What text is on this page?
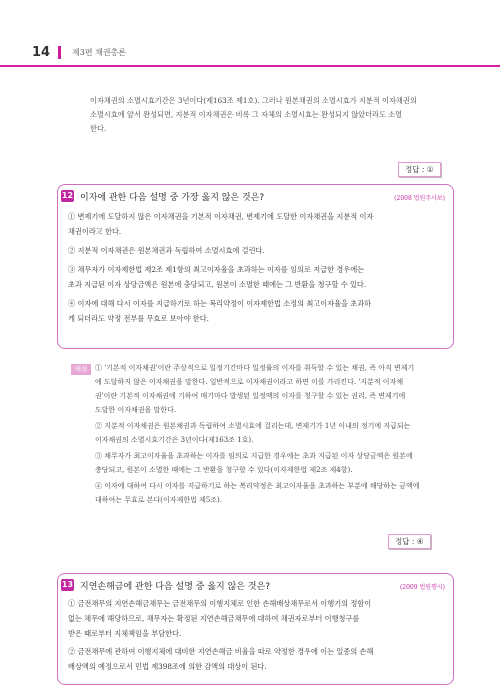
14	제3편 채권총론
이자채권의 소멸시효기간은 3년이다(제163조 제1호). 그러나 원본채권의 소멸시효가 지분적 이자채권의
소멸시효에 앞서 완성되면, 지분적 이자채권은 비록 그 자체의 소멸시효는 완성되지 않았더라도 소멸
한다.
정답 : ①
12 이자에 관한 다음 설명 중 가장 옳지 않은 것은?	(2008 법원주사보)
① 변제기에 도달하지 않은 이자채권을 기본적 이자채권, 변제기에 도달한 이자채권을 지분적 이자
채권이라고 한다.
② 지분적 이자채권은 원본채권과 독립하여 소멸시효에 걸린다.
③ 채무자가 이자제한법 제2조 제1항의 최고이자율을 초과하는 이자를 임의로 지급한 경우에는
초과 지급된 이자 상당금액은 원본에 충당되고, 원본이 소멸한 때에는 그 반환을 청구할 수 있다.
④ 이자에 대해 다시 이자를 지급하기로 하는 복리약정이 이자제한법 소정의 최고이자율을 초과하
게 되더라도 약정 전부를 무효로 보아야 한다.
해설	① '기본적 이자채권'이란 주상적으로 일정기간마다 일정률의 이자를 취득할 수 있는 채권, 즉 아직 변제기
에 도달하지 않은 이자채권을 말한다. 일반적으로 이자채권이라고 하면 이를 가리킨다. '지분적 이자채
권'이란 기본적 이자채권에 기하여 매기마다 발생된 일정액의 이자를 청구할 수 있는 권리, 즉 변제기에
도달한 이자채권을 말한다.
② 지분적 이자채권은 원본채권과 독립하여 소멸시효에 걸리는데, 변제기가 1년 이내의 정기에 지급되는
이자채권의 소멸시효기간은 3년이다(제163조 1호).
③ 채무자가 최고이자율을 초과하는 이자를 임의로 지급한 경우에는 초과 지급된 이자 상당금액은 원본에
충당되고, 원본이 소멸한 때에는 그 반환을 청구할 수 있다(이자제한법 제2조 제4항).
④ 이자에 대하여 다시 이자를 지급하기로 하는 복리약정은 최고이자율을 초과하는 부분에 해당하는 금액에
대하여는 무효로 본다(이자제한법 제5조).
정답 : ④
13 지연손해금에 관한 다음 설명 중 옳지 않은 것은?	(2009 법원행시)
① 금전채무의 지연손해금채무는 금전채무의 이행지체로 인한 손해배상채무로서 이행기의 정함이
없는 채무에 해당하므로, 채무자는 확정된 지연손해금채무에 대하여 채권자로부터 이행청구를
받은 때로부터 지체책임을 부담한다.
② 금전채무에 관하여 이행지체에 대비한 지연손해금 비율을 따로 약정한 경우에 이는 일종의 손해
배상액의 예정으로서 민법 제398조에 의한 감액의 대상이 된다.
